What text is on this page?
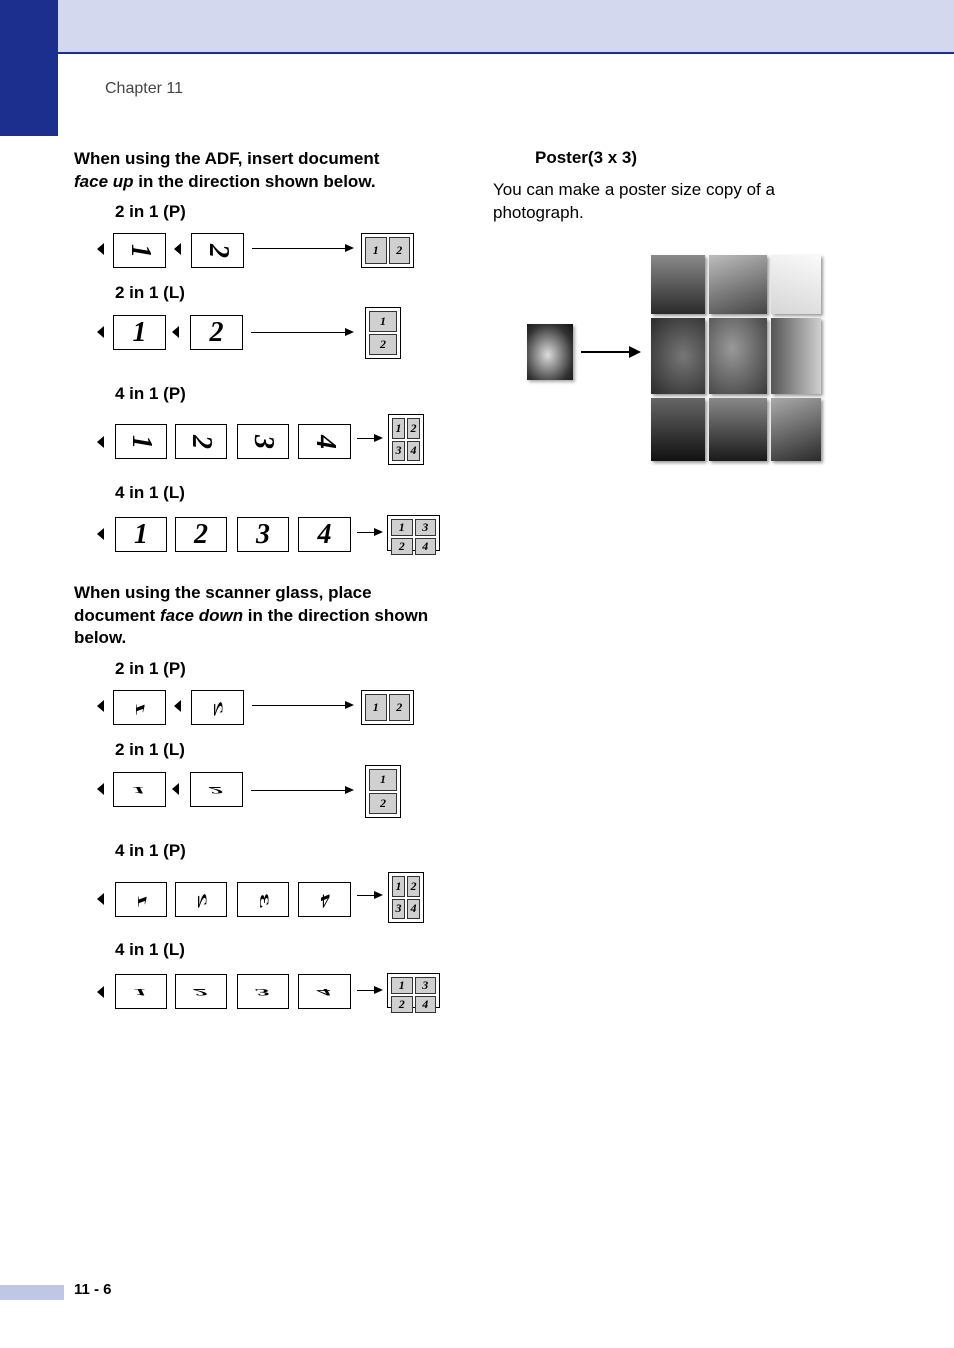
Chapter 11
When using the ADF, insert document
face up in the direction shown below.
2 in 1 (P)
1 2	1	2
2 in 1 (L)
1 2	1
2
4 in 1 (P)
1 2 3 4
1 2
3 4
4 in 1 (L)
1 2 3 4	1	3
2	4
When using the scanner glass, place document face down in the direction shown below.
2 in 1 (P)
1 2	1	2
2 in 1 (L)
1 2
1
2
4 in 1 (P)
1 2 3 4
1 2
3 4
4 in 1 (L)
1 2 3 4	1	3
2	4
Poster(3 x 3)
You can make a poster size copy of a photograph.
11 - 6
